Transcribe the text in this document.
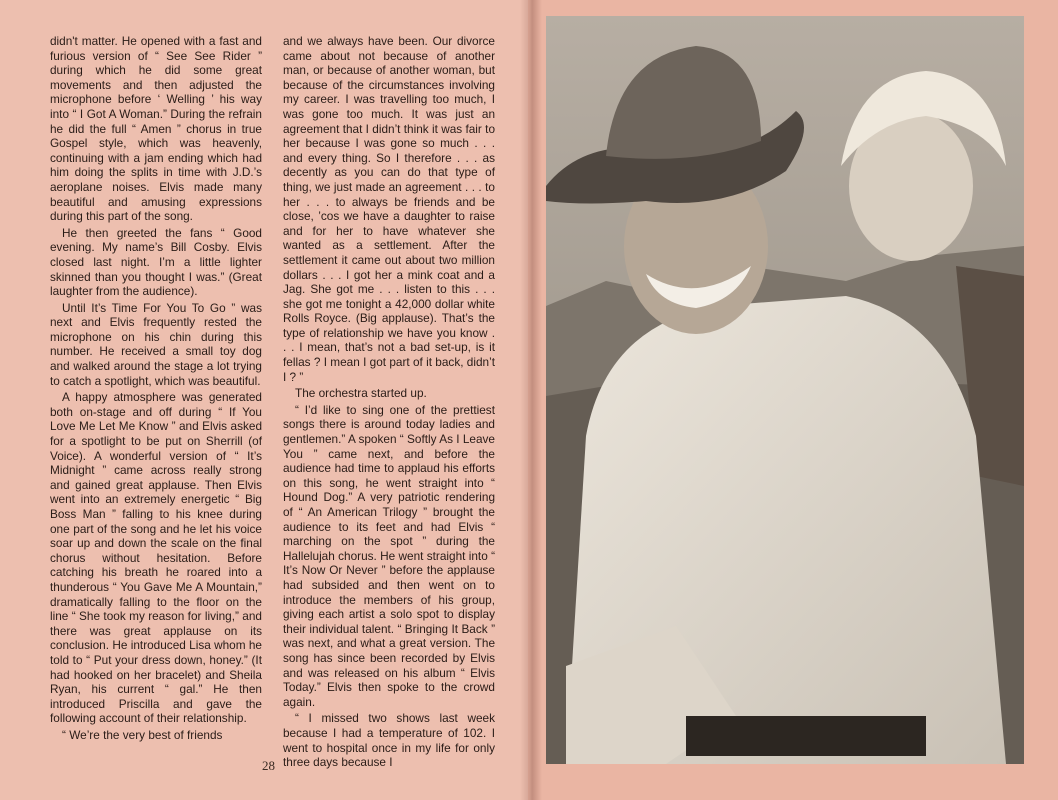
didn't matter. He opened with a fast and furious version of “ See See Rider ” during which he did some great movements and then adjusted the microphone before ‘ Welling ’ his way into “ I Got A Woman.” During the refrain he did the full “ Amen ” chorus in true Gospel style, which was heavenly, continuing with a jam ending which had him doing the splits in time with J.D.’s aeroplane noises. Elvis made many beautiful and amusing expressions during this part of the song.

He then greeted the fans “ Good evening. My name’s Bill Cosby. Elvis closed last night. I’m a little lighter skinned than you thought I was.” (Great laughter from the audience).

Until It’s Time For You To Go ” was next and Elvis frequently rested the microphone on his chin during this number. He received a small toy dog and walked around the stage a lot trying to catch a spotlight, which was beautiful.

A happy atmosphere was generated both on-stage and off during “ If You Love Me Let Me Know ” and Elvis asked for a spotlight to be put on Sherrill (of Voice). A wonderful version of “ It’s Midnight ” came across really strong and gained great applause. Then Elvis went into an extremely energetic “ Big Boss Man ” falling to his knee during one part of the song and he let his voice soar up and down the scale on the final chorus without hesitation. Before catching his breath he roared into a thunderous “ You Gave Me A Mountain,” dramatically falling to the floor on the line “ She took my reason for living,” and there was great applause on its conclusion. He introduced Lisa whom he told to “ Put your dress down, honey.” (It had hooked on her bracelet) and Sheila Ryan, his current “ gal.” He then introduced Priscilla and gave the following account of their relationship.

“ We’re the very best of friends

and we always have been. Our divorce came about not because of another man, or because of another woman, but because of the circumstances involving my career. I was travelling too much, I was gone too much. It was just an agreement that I didn’t think it was fair to her because I was gone so much . . . and every thing. So I therefore . . . as decently as you can do that type of thing, we just made an agreement . . . to her . . . to always be friends and be close, ’cos we have a daughter to raise and for her to have whatever she wanted as a settlement. After the settlement it came out about two million dollars . . . I got her a mink coat and a Jag. She got me . . . listen to this . . . she got me tonight a 42,000 dollar white Rolls Royce. (Big applause). That’s the type of relationship we have you know . . . I mean, that’s not a bad set-up, is it fellas ? I mean I got part of it back, didn’t I ? ”

The orchestra started up.

“ I’d like to sing one of the prettiest songs there is around today ladies and gentlemen.” A spoken “ Softly As I Leave You ” came next, and before the audience had time to applaud his efforts on this song, he went straight into “ Hound Dog.” A very patriotic rendering of “ An American Trilogy ” brought the audience to its feet and had Elvis “ marching on the spot ” during the Hallelujah chorus. He went straight into “ It’s Now Or Never ” before the applause had subsided and then went on to introduce the members of his group, giving each artist a solo spot to display their individual talent. “ Bringing It Back ” was next, and what a great version. The song has since been recorded by Elvis and was released on his album “ Elvis Today.” Elvis then spoke to the crowd again.

“ I missed two shows last week because I had a temperature of 102. I went to hospital once in my life for only three days because I

28
